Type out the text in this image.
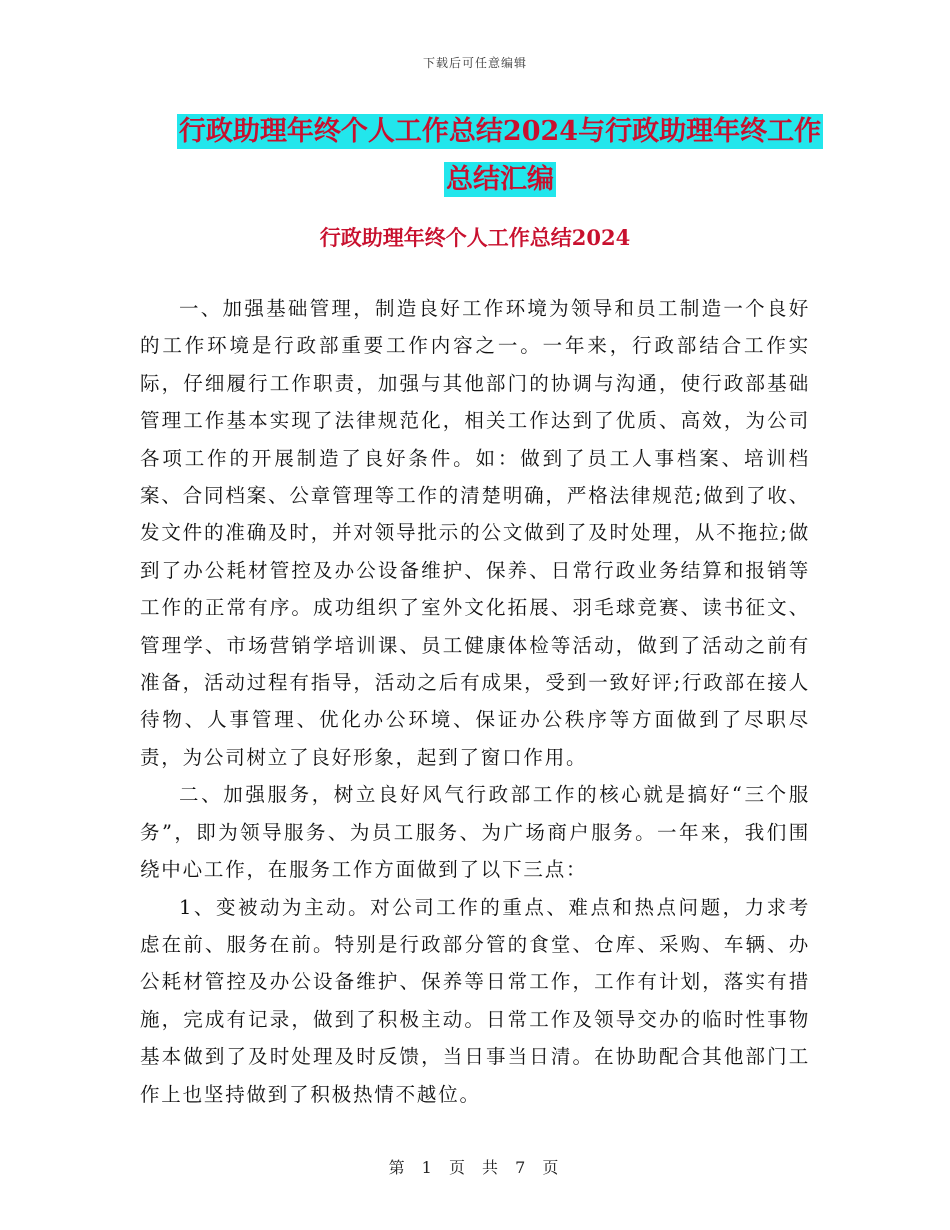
下载后可任意编辑
行政助理年终个人工作总结2024与行政助理年终工作
总结汇编
行政助理年终个人工作总结2024

一、加强基础管理，制造良好工作环境为领导和员工制造一个良好的工作环境是行政部重要工作内容之一。一年来，行政部结合工作实际，仔细履行工作职责，加强与其他部门的协调与沟通，使行政部基础管理工作基本实现了法律规范化，相关工作达到了优质、高效，为公司各项工作的开展制造了良好条件。如：做到了员工人事档案、培训档案、合同档案、公章管理等工作的清楚明确，严格法律规范;做到了收、发文件的准确及时，并对领导批示的公文做到了及时处理，从不拖拉;做到了办公耗材管控及办公设备维护、保养、日常行政业务结算和报销等工作的正常有序。成功组织了室外文化拓展、羽毛球竞赛、读书征文、管理学、市场营销学培训课、员工健康体检等活动，做到了活动之前有准备，活动过程有指导，活动之后有成果，受到一致好评;行政部在接人待物、人事管理、优化办公环境、保证办公秩序等方面做到了尽职尽责，为公司树立了良好形象，起到了窗口作用。

二、加强服务，树立良好风气行政部工作的核心就是搞好“三个服务”，即为领导服务、为员工服务、为广场商户服务。一年来，我们围绕中心工作，在服务工作方面做到了以下三点：

1、变被动为主动。对公司工作的重点、难点和热点问题，力求考虑在前、服务在前。特别是行政部分管的食堂、仓库、采购、车辆、办公耗材管控及办公设备维护、保养等日常工作，工作有计划，落实有措施，完成有记录，做到了积极主动。日常工作及领导交办的临时性事物基本做到了及时处理及时反馈，当日事当日清。在协助配合其他部门工作上也坚持做到了积极热情不越位。

第 1 页 共 7 页
